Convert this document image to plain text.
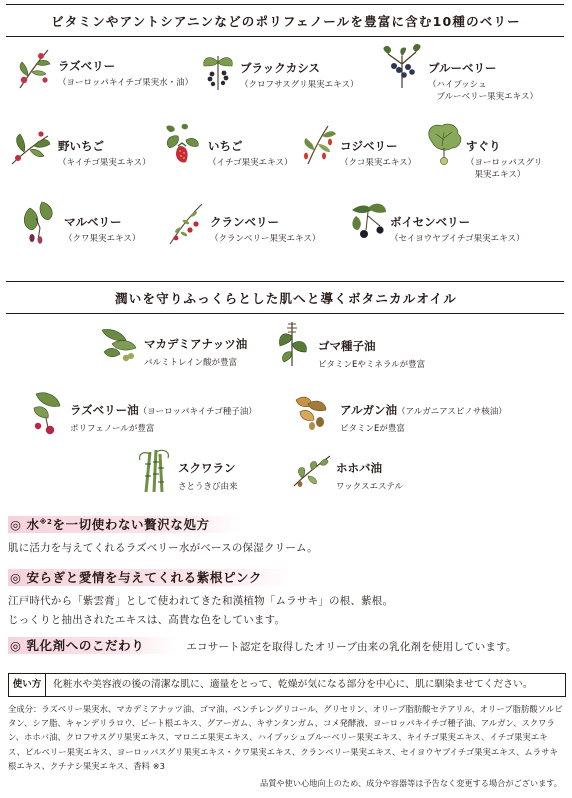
ビタミンやアントシアニンなどのポリフェノールを豊富に含む10種のベリー
ラズベリー
（ヨーロッパキイチゴ果実水・油）
ブラックカシス
（クロフサスグリ果実エキス）
ブルーベリー
（ハイブッシュ
　ブルーベリー果実エキス）
野いちご
（キイチゴ果実エキス）
いちご
（イチゴ果実エキス）
コジベリー
（クコ果実エキス）
すぐり
（ヨーロッパスグリ
　果実エキス）
マルベリー
（クワ果実エキス）
クランベリー
（クランベリー果実エキス）
ボイセンベリー
（セイヨウヤブイチゴ果実エキス）
潤いを守りふっくらとした肌へと導くボタニカルオイル
マカデミアナッツ油
パルミトレイン酸が豊富
ゴマ種子油
ビタミンEやミネラルが豊富
ラズベリー油（ヨーロッパキイチゴ種子油）
ポリフェノールが豊富
アルガン油（アルガニアスピノサ核油）
ビタミンEが豊富
スクワラン
さとうきび由来
ホホバ油
ワックスエステル
◎ 水$^{※2}$を一切使わない贅沢な処方
肌に活力を与えてくれるラズベリー水がベースの保湿クリーム。
◎ 安らぎと愛情を与えてくれる紫根ピンク
江戸時代から「紫雲膏」として使われてきた和漢植物「ムラサキ」の根、紫根。
じっくりと抽出されたエキスは、高貴な色をしています。
◎ 乳化剤へのこだわり	エコサート認定を取得したオリーブ由来の乳化剤を使用しています。
使い方	化粧水や美容液の後の清潔な肌に、適量をとって、乾燥が気になる部分を中心に、肌に馴染ませてください。
全成分：ラズベリー果実水、マカデミアナッツ油、ゴマ油、ペンチレングリコール、グリセリン、オリーブ脂肪酸セテアリル、オリーブ脂肪酸ソルビタン、シア脂、キャンデリラロウ、ビート根エキス、グアーガム、キサンタンガム、コメ発酵液、ヨーロッパキイチゴ種子油、アルガン、スクワラン、ホホバ油、クロフサスグリ果実エキス、マロニエ果実エキス、ハイブッシュブルーベリー果実エキス、キイチゴ果実エキス、イチゴ果実エキス、ビルベリー果実エキス、ヨーロッパスグリ果実エキス・クワ果実エキス、クランベリー果実エキス、セイヨウヤブイチゴ果実エキス、ムラサキ根エキス、クチナシ果実エキス、香料 ※3
品質や使い心地向上のため、成分や容器等は予告なく変更する場合がございます。
